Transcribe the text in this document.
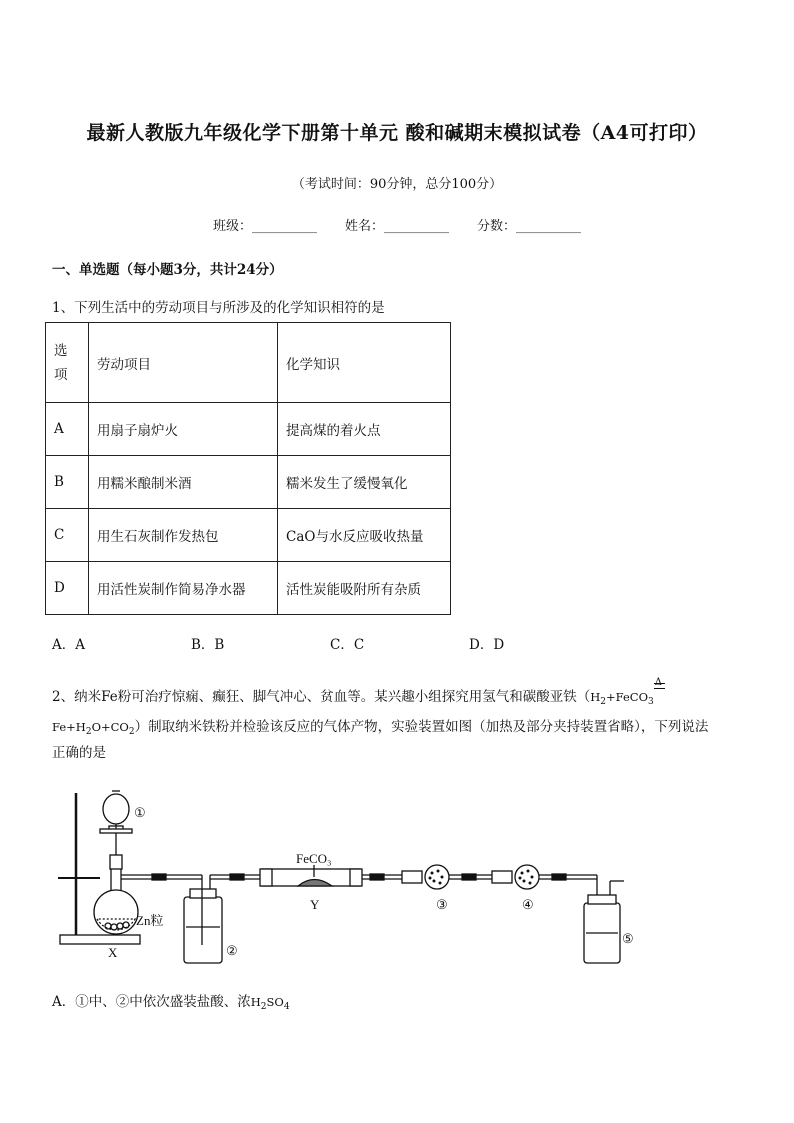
最新人教版九年级化学下册第十单元 酸和碱期末模拟试卷（A4可打印）
（考试时间：90分钟，总分100分）
班级：__________ 姓名：__________ 分数：__________
一、单选题（每小题3分，共计24分）
1、下列生活中的劳动项目与所涉及的化学知识相符的是
选项	劳动项目	化学知识
A	用扇子扇炉火	提高煤的着火点
B	用糯米酿制米酒	糯米发生了缓慢氧化
C	用生石灰制作发热包	CaO与水反应吸收热量
D	用活性炭制作简易净水器	活性炭能吸附所有杂质
A．A	B．B	C．C	D．D
2、纳米Fe粉可治疗惊痫、癫狂、脚气冲心、贫血等。某兴趣小组探究用氢气和碳酸亚铁（$H_2+FeCO_3$
Δ
$Fe+H_2O+CO_2$）制取纳米铁粉并检验该反应的气体产物，实验装置如图（加热及部分夹持装置省略），下列说法
正确的是
①
Zn粒
X	②
FeCO₃
Y	③	④
⑤
A．①中、②中依次盛装盐酸、浓$H_2SO_4$
